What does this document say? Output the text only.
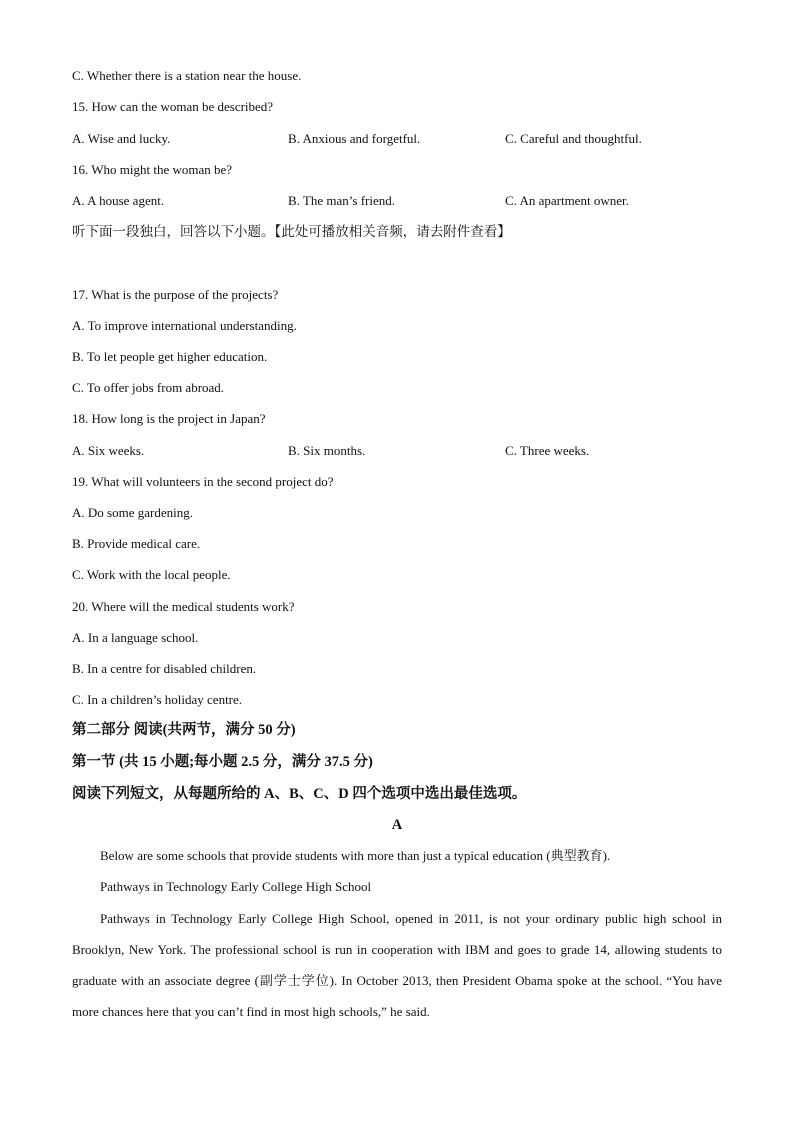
C. Whether there is a station near the house.
15. How can the woman be described?
A. Wise and lucky.	B. Anxious and forgetful.	C. Careful and thoughtful.
16. Who might the woman be?
A. A house agent.	B. The man’s friend.	C. An apartment owner.
听下面一段独白，回答以下小题。【此处可播放相关音频，请去附件查看】
17. What is the purpose of the projects?
A. To improve international understanding.
B. To let people get higher education.
C. To offer jobs from abroad.
18. How long is the project in Japan?
A. Six weeks.	B. Six months.	C. Three weeks.
19. What will volunteers in the second project do?
A. Do some gardening.
B. Provide medical care.
C. Work with the local people.
20. Where will the medical students work?
A. In a language school.
B. In a centre for disabled children.
C. In a children’s holiday centre.
第二部分 阅读(共两节，满分 50 分)
第一节 (共 15 小题;每小题 2.5 分，满分 37.5 分)
阅读下列短文，从每题所给的 A、B、C、D 四个选项中选出最佳选项。
A
Below are some schools that provide students with more than just a typical education (典型教育).
Pathways in Technology Early College High School
Pathways in Technology Early College High School, opened in 2011, is not your ordinary public high school in Brooklyn, New York. The professional school is run in cooperation with IBM and goes to grade 14, allowing students to graduate with an associate degree (副学士学位). In October 2013, then President Obama spoke at the school. “You have more chances here that you can’t find in most high schools,” he said.
